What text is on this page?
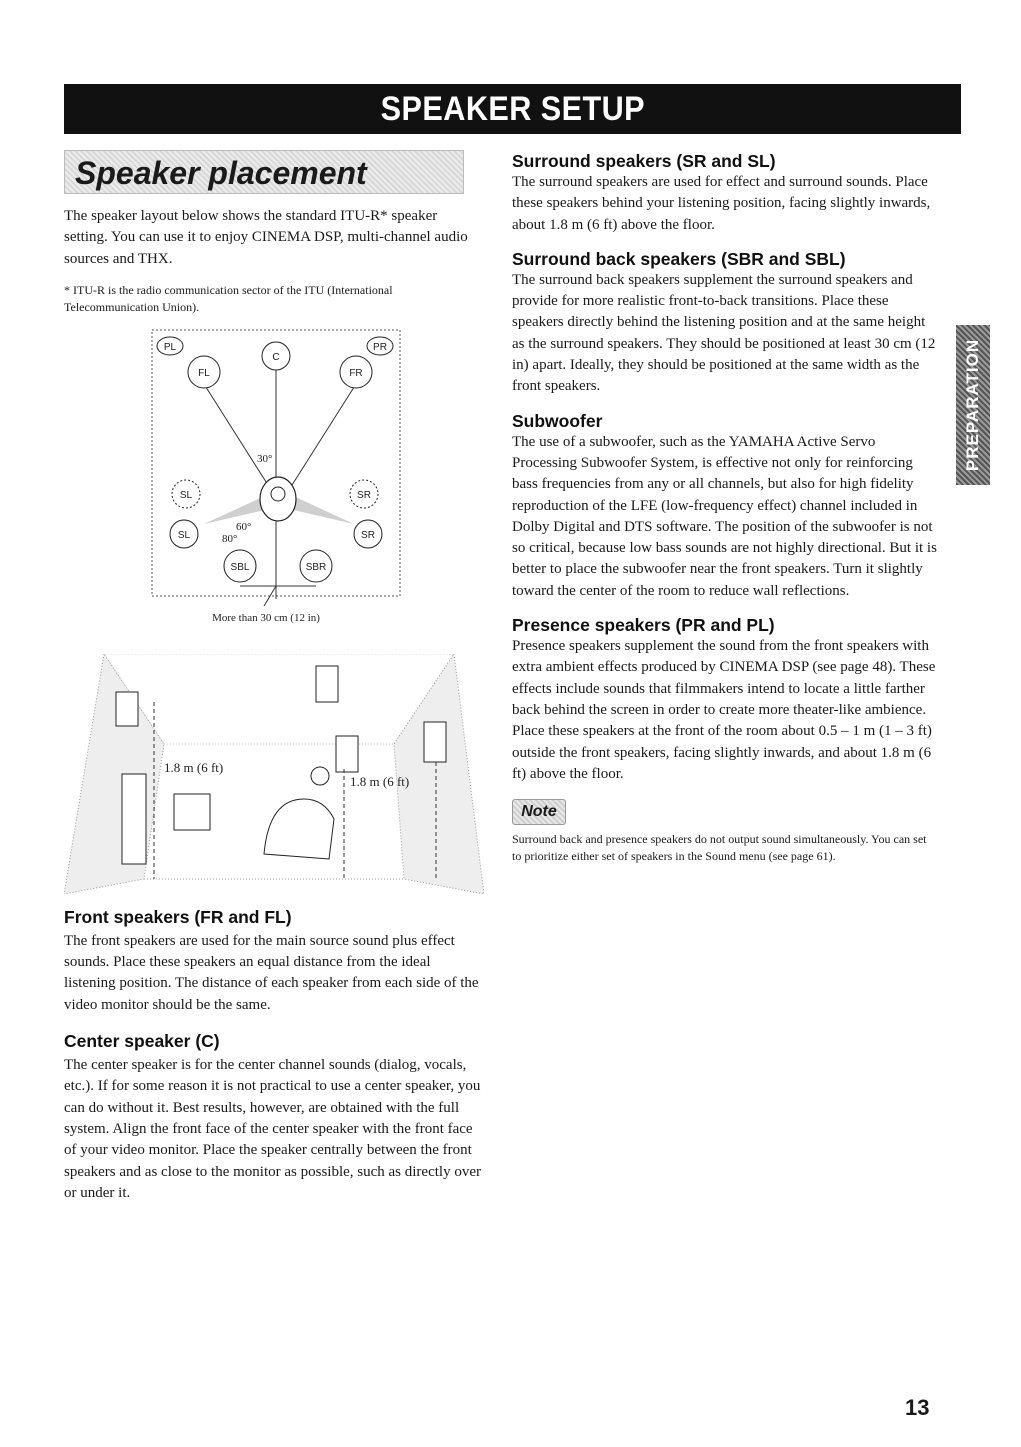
SPEAKER SETUP
Speaker placement

The speaker layout below shows the standard ITU-R* speaker setting. You can use it to enjoy CINEMA DSP, multi-channel audio sources and THX.

* ITU-R is the radio communication sector of the ITU (International Telecommunication Union).

PL	PR
C
FL	FR
SL	SR
SL	SR
SBL	SBR
30°
60°
80°
More than 30 cm (12 in)
1.8 m (6 ft)
1.8 m (6 ft)
Front speakers (FR and FL)

The front speakers are used for the main source sound plus effect sounds. Place these speakers an equal distance from the ideal listening position. The distance of each speaker from each side of the video monitor should be the same.

Center speaker (C)

The center speaker is for the center channel sounds (dialog, vocals, etc.). If for some reason it is not practical to use a center speaker, you can do without it. Best results, however, are obtained with the full system. Align the front face of the center speaker with the front face of your video monitor. Place the speaker centrally between the front speakers and as close to the monitor as possible, such as directly over or under it.

Surround speakers (SR and SL)

The surround speakers are used for effect and surround sounds. Place these speakers behind your listening position, facing slightly inwards, about 1.8 m (6 ft) above the floor.

Surround back speakers (SBR and SBL)

The surround back speakers supplement the surround speakers and provide for more realistic front-to-back transitions. Place these speakers directly behind the listening position and at the same height as the surround speakers. They should be positioned at least 30 cm (12 in) apart. Ideally, they should be positioned at the same width as the front speakers.

Subwoofer

The use of a subwoofer, such as the YAMAHA Active Servo Processing Subwoofer System, is effective not only for reinforcing bass frequencies from any or all channels, but also for high fidelity reproduction of the LFE (low-frequency effect) channel included in Dolby Digital and DTS software. The position of the subwoofer is not so critical, because low bass sounds are not highly directional. But it is better to place the subwoofer near the front speakers. Turn it slightly toward the center of the room to reduce wall reflections.

Presence speakers (PR and PL)

Presence speakers supplement the sound from the front speakers with extra ambient effects produced by CINEMA DSP (see page 48). These effects include sounds that filmmakers intend to locate a little farther back behind the screen in order to create more theater-like ambience. Place these speakers at the front of the room about 0.5 – 1 m (1 – 3 ft) outside the front speakers, facing slightly inwards, and about 1.8 m (6 ft) above the floor.

Note

Surround back and presence speakers do not output sound simultaneously. You can set to prioritize either set of speakers in the Sound menu (see page 61).

PREPARATION
13
